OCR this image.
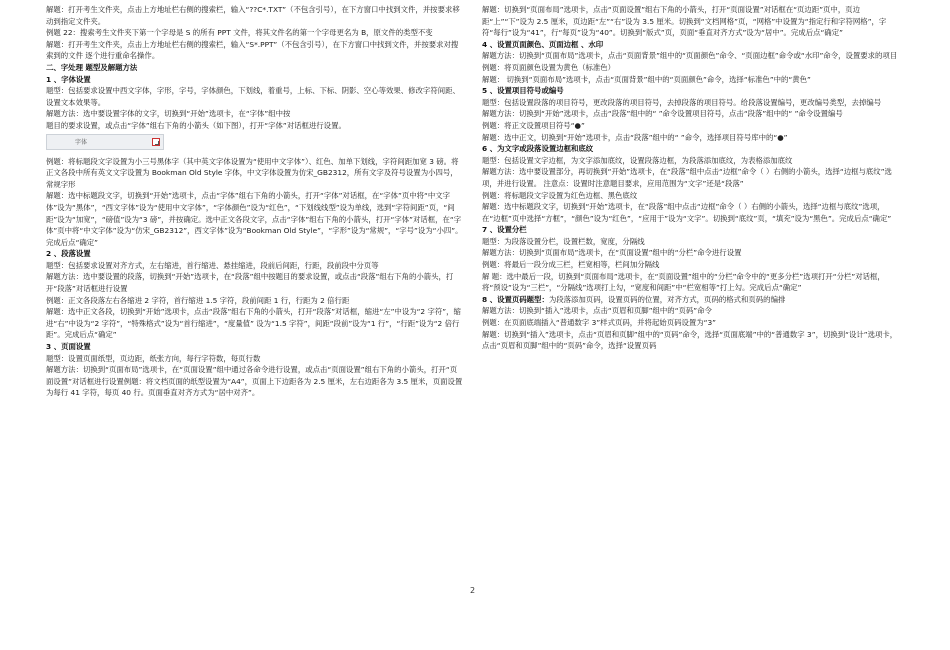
解题：打开考生文件夹，点击上方地址栏右侧的搜索栏，输入“??C*.TXT”（不包含引号），在下方窗口中找到文件，并按要求移动到指定文件夹。

例题 22：搜索考生文件夹下第一个字母是 S 的所有 PPT 文件，将其文件名的第一个字母更名为 B，原文件的类型不变

解题：打开考生文件夹，点击上方地址栏右侧的搜索栏，输入“S*.PPT”（不包含引号），在下方窗口中找到文件，并按要求对搜索到的文件 逐个进行重命名操作。

二、字处理 题型及解题方法

1 、字体设置

题型：包括要求设置中西文字体，字形，字号，字体颜色，下划线，着重号，上标、下标、阴影、空心等效果、修改字符间距、设置文本效果等。

解题方法：选中要设置字体的文字，切换到“开始”选项卡，在“字体”组中按

题目的要求设置，或点击“字体”组右下角的小箭头（如下图），打开“字体”对话框进行设置。

字体

例题：将标题段文字设置为小三号黑体字（其中英文字体设置为“使用中文字体”）、红色、加单下划线，字符间距加宽 3 磅。将正文各段中所有英文文字设置为 Bookman Old Style 字体，中文字体设置为仿宋_GB2312，所有文字及符号设置为小四号，常规字形

解题：选中标题段文字，切换到“开始”选项卡，点击“字体”组右下角的小箭头，打开“字体”对话框，在“字体”页中将“中文字体”设为“黑体”，“西文字体”设为“使用中文字体”，“字体颜色”设为“红色”，“下划线线型”设为单线，选到“字符间距”页，“间距”设为“加宽”，“磅值”设为“3 磅”，并按确定。选中正文各段文字，点击“字体”组右下角的小箭头，打开“字体”对话框，在“字体”页中将“中文字体”设为“仿宋_GB2312”，西文字体”设为“Bookman Old Style”，“字形”设为“常规”，“字号”设为“小四”。完成后点“确定”

2 、段落设置

题型：包括要求设置对齐方式，左右缩进，首行缩进、悬挂缩进，段前后间距，行距，段前段中分页等

解题方法：选中要设置的段落，切换到“开始”选项卡，在“段落”组中按题目的要求设置，或点击“段落”组右下角的小箭头，打开“段落”对话框进行设置

例题：正文各段落左右各缩进 2 字符，首行缩进 1.5 字符，段前间距 1 行，行距为 2 倍行距

解题：选中正文各段，切换到“开始”选项卡，点击“段落”组右下角的小箭头，打开“段落”对话框，缩进“左”中设为“2 字符”，缩进“右”中设为“2 字符”，“特殊格式”设为“首行缩进”，“度量值” 设为“1.5 字符”，间距“段前”设为“1 行”，“行距”设为“2 倍行距”。完成后点“确定”

3 、页面设置

题型：设置页面纸型，页边距，纸张方向，每行字符数，每页行数

解题方法：切换到“页面布局”选项卡，在“页面设置”组中通过各命令进行设置，或点击“页面设置”组右下角的小箭头，打开“页面设置”对话框进行设置例题：将文档页面的纸型设置为“A4”，页面上下边距各为 2.5 厘米，左右边距各为 3.5 厘米，页面设置为每行 41 字符，每页 40 行。页面垂直对齐方式为“居中对齐”。

解题：切换到“页面布局”选项卡，点击“页面设置”组右下角的小箭头，打开“页面设置”对话框在“页边距”页中，页边距“上”“下”设为 2.5 厘米，页边距“左”“右”设为 3.5 厘米。切换到“文档网格”页，“网格”中设置为“指定行和字符网格”，字符“每行”设为“41”，行“每页”设为“40”。切换到“版式”页，页面“垂直对齐方式”设为“居中”。完成后点“确定”

4 、设置页面颜色、页面边框 、水印

解题方法：切换到“页面布局”选项卡，点击“页面背景”组中的“页面颜色”命令、“页面边框”命令或“水印”命令，设置要求的项目

例题：将页面颜色设置为黄色（标准色）

解题： 切换到“页面布局”选项卡，点击“页面背景”组中的“页面颜色”命令，选择“标准色”中的“黄色”

5 、设置项目符号或编号

题型：包括设置段落的项目符号，更改段落的项目符号，去掉段落的项目符号。给段落设置编号，更改编号类型，去掉编号

解题方法：切换到“开始”选项卡，点击“段落”组中的“ ”命令设置项目符号，点击“段落”组中的“ ”命令设置编号

例题：将正文设置项目符号“●”

解题：选中正文，切换到“开始”选项卡，点击“段落”组中的“ ”命令，选择项目符号库中的“●”

6 、为文字或段落设置边框和底纹

题型：包括设置文字边框，为文字添加底纹，设置段落边框，为段落添加底纹，为表格添加底纹

解题方法：选中要设置部分，再切换到“开始”选项卡，在“段落”组中点击“边框”命令（ ）右侧的小箭头，选择“边框与底纹”选项，并进行设置。 注意点：设置时注意题目要求，应用范围为“文字”还是“段落”

例题：将标题段文字设置为红色边框、黑色底纹

解题：选中标题段文字，切换到“开始”选项卡，在“段落”组中点击“边框”命令（ ）右侧的小箭头，选择“边框与底纹”选项，在“边框”页中选择“方框”，“颜色”设为“红色”，“应用于”设为“文字”。切换到“底纹”页，“填充”设为“黑色”。完成后点“确定”

7 、设置分栏

题型：为段落设置分栏，设置栏数，宽度，分隔线

解题方法：切换到“页面布局”选项卡，在“页面设置”组中的“分栏”命令进行设置

例题：将最后一段分成三栏，栏宽相等，栏间加分隔线

解 题：选中最后一段，切换到“页面布局”选项卡，在“页面设置”组中的“分栏”命令中的“更多分栏”选项打开“分栏”对话框，将“预设”设为“三栏”，“分隔线”选项打上勾，“宽度和间距”中“栏宽相等”打上勾。完成后点“确定”

8 、设置页码题型：为段落添加页码，设置页码的位置，对齐方式，页码的格式和页码的编排

解题方法：切换到“插入”选项卡，点击“页眉和页脚”组中的“页码”命令

例题：在页面底端插入“普通数字 3”样式页码，并将起始页码设置为“3”

解题：切换到“插入”选项卡，点击“页眉和页脚”组中的“页码”命令，选择“页面底端”中的“普通数字 3”，切换到“设计”选项卡，点击“页眉和页脚”组中的“页码”命令，选择“设置页码

2
